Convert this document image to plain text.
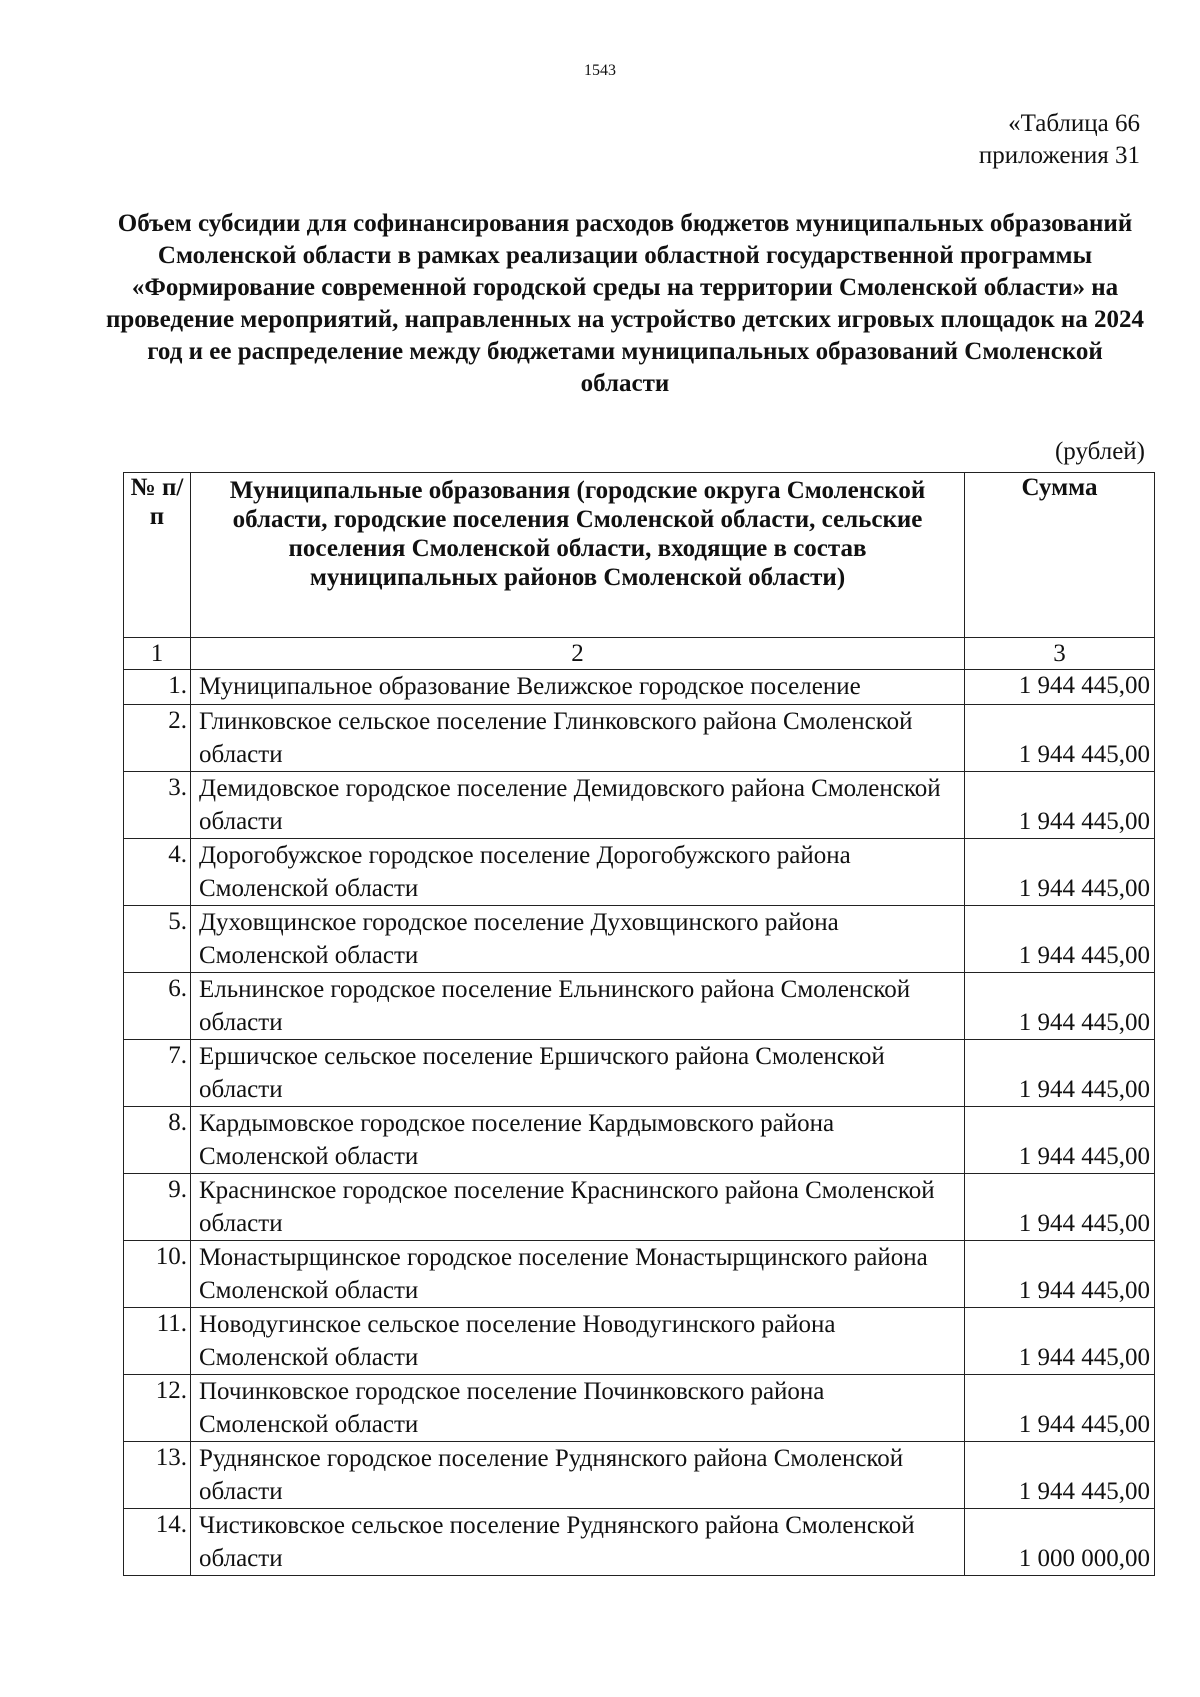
1543
«Таблица 66
приложения 31
Объем субсидии для софинансирования расходов бюджетов муниципальных образований Смоленской области в рамках реализации областной государственной программы «Формирование современной городской среды на территории Смоленской области» на проведение мероприятий, направленных на устройство детских игровых площадок на 2024 год и ее распределение между бюджетами муниципальных образований Смоленской области
(рублей)
№ п/п	Муниципальные образования (городские округа Смоленской области, городские поселения Смоленской области, сельские поселения Смоленской области, входящие в состав муниципальных районов Смоленской области)	Сумма
1	2	3
1.	Муниципальное образование Велижское городское поселение	1 944 445,00
2.	Глинковское сельское поселение Глинковского района Смоленской области	1 944 445,00
3.	Демидовское городское поселение Демидовского района Смоленской области	1 944 445,00
4.	Дорогобужское городское поселение Дорогобужского района Смоленской области	1 944 445,00
5.	Духовщинское городское поселение Духовщинского района Смоленской области	1 944 445,00
6.	Ельнинское городское поселение Ельнинского района Смоленской области	1 944 445,00
7.	Ершичское сельское поселение Ершичского района Смоленской области	1 944 445,00
8.	Кардымовское городское поселение Кардымовского района Смоленской области	1 944 445,00
9.	Краснинское городское поселение Краснинского района Смоленской области	1 944 445,00
10.	Монастырщинское городское поселение Монастырщинского района Смоленской области	1 944 445,00
11.	Новодугинское сельское поселение Новодугинского района Смоленской области	1 944 445,00
12.	Починковское городское поселение Починковского района Смоленской области	1 944 445,00
13.	Руднянское городское поселение Руднянского района Смоленской области	1 944 445,00
14.	Чистиковское сельское поселение Руднянского района Смоленской области	1 000 000,00
